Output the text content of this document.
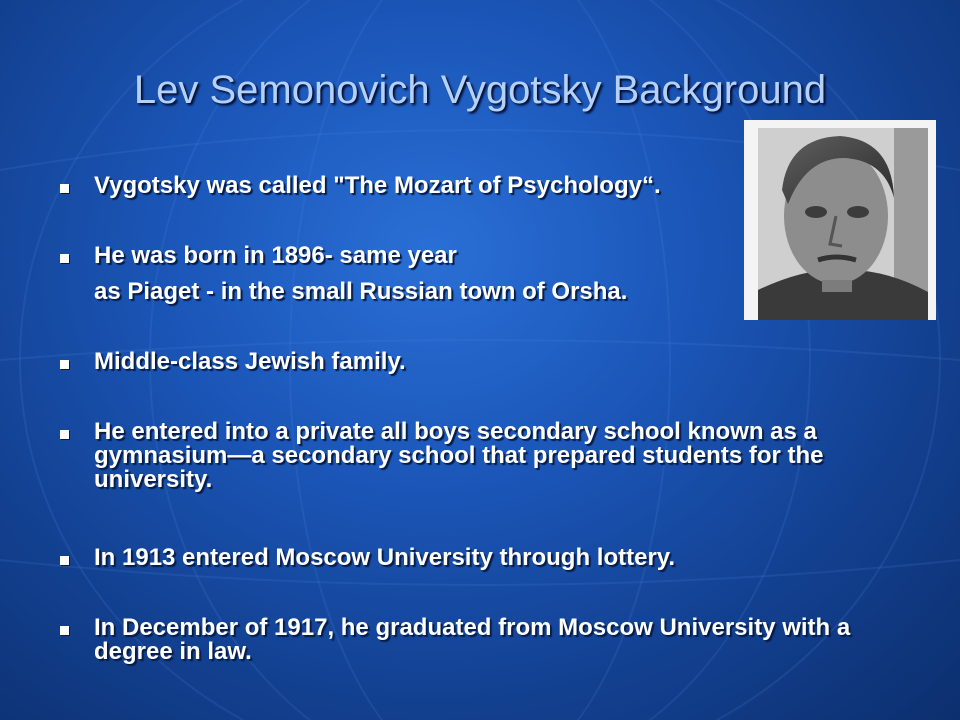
Lev Semonovich Vygotsky Background
Vygotsky was called "The Mozart of Psychology“.
He was born in 1896- same year
as Piaget - in the small Russian town of Orsha.
Middle-class Jewish family.
He entered into a private all boys secondary school known as a gymnasium—a secondary school that prepared students for the university.
In 1913 entered Moscow University through lottery.
In December of 1917, he graduated from Moscow University with a degree in law.
